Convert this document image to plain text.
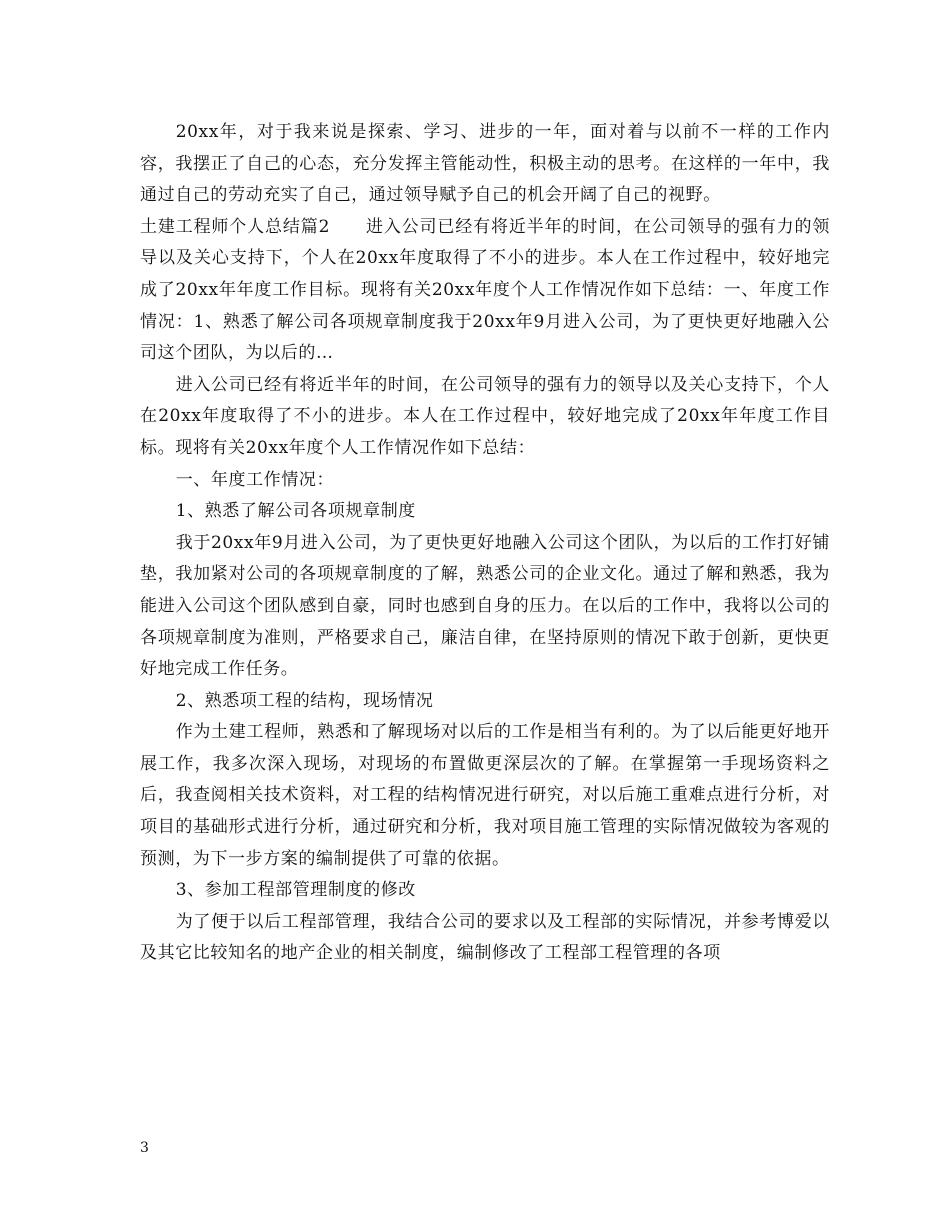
20xx年，对于我来说是探索、学习、进步的一年，面对着与以前不一样的工作内容，我摆正了自己的心态，充分发挥主管能动性，积极主动的思考。在这样的一年中，我通过自己的劳动充实了自己，通过领导赋予自己的机会开阔了自己的视野。

土建工程师个人总结篇2　　进入公司已经有将近半年的时间，在公司领导的强有力的领导以及关心支持下，个人在20xx年度取得了不小的进步。本人在工作过程中，较好地完成了20xx年年度工作目标。现将有关20xx年度个人工作情况作如下总结：一、年度工作情况：1、熟悉了解公司各项规章制度我于20xx年9月进入公司，为了更快更好地融入公司这个团队，为以后的…

进入公司已经有将近半年的时间，在公司领导的强有力的领导以及关心支持下，个人在20xx年度取得了不小的进步。本人在工作过程中，较好地完成了20xx年年度工作目标。现将有关20xx年度个人工作情况作如下总结：

一、年度工作情况：

1、熟悉了解公司各项规章制度

我于20xx年9月进入公司，为了更快更好地融入公司这个团队，为以后的工作打好铺垫，我加紧对公司的各项规章制度的了解，熟悉公司的企业文化。通过了解和熟悉，我为能进入公司这个团队感到自豪，同时也感到自身的压力。在以后的工作中，我将以公司的各项规章制度为准则，严格要求自己，廉洁自律，在坚持原则的情况下敢于创新，更快更好地完成工作任务。

2、熟悉项工程的结构，现场情况

作为土建工程师，熟悉和了解现场对以后的工作是相当有利的。为了以后能更好地开展工作，我多次深入现场，对现场的布置做更深层次的了解。在掌握第一手现场资料之后，我查阅相关技术资料，对工程的结构情况进行研究，对以后施工重难点进行分析，对项目的基础形式进行分析，通过研究和分析，我对项目施工管理的实际情况做较为客观的预测，为下一步方案的编制提供了可靠的依据。

3、参加工程部管理制度的修改

为了便于以后工程部管理，我结合公司的要求以及工程部的实际情况，并参考博爱以及其它比较知名的地产企业的相关制度，编制修改了工程部工程管理的各项

3
